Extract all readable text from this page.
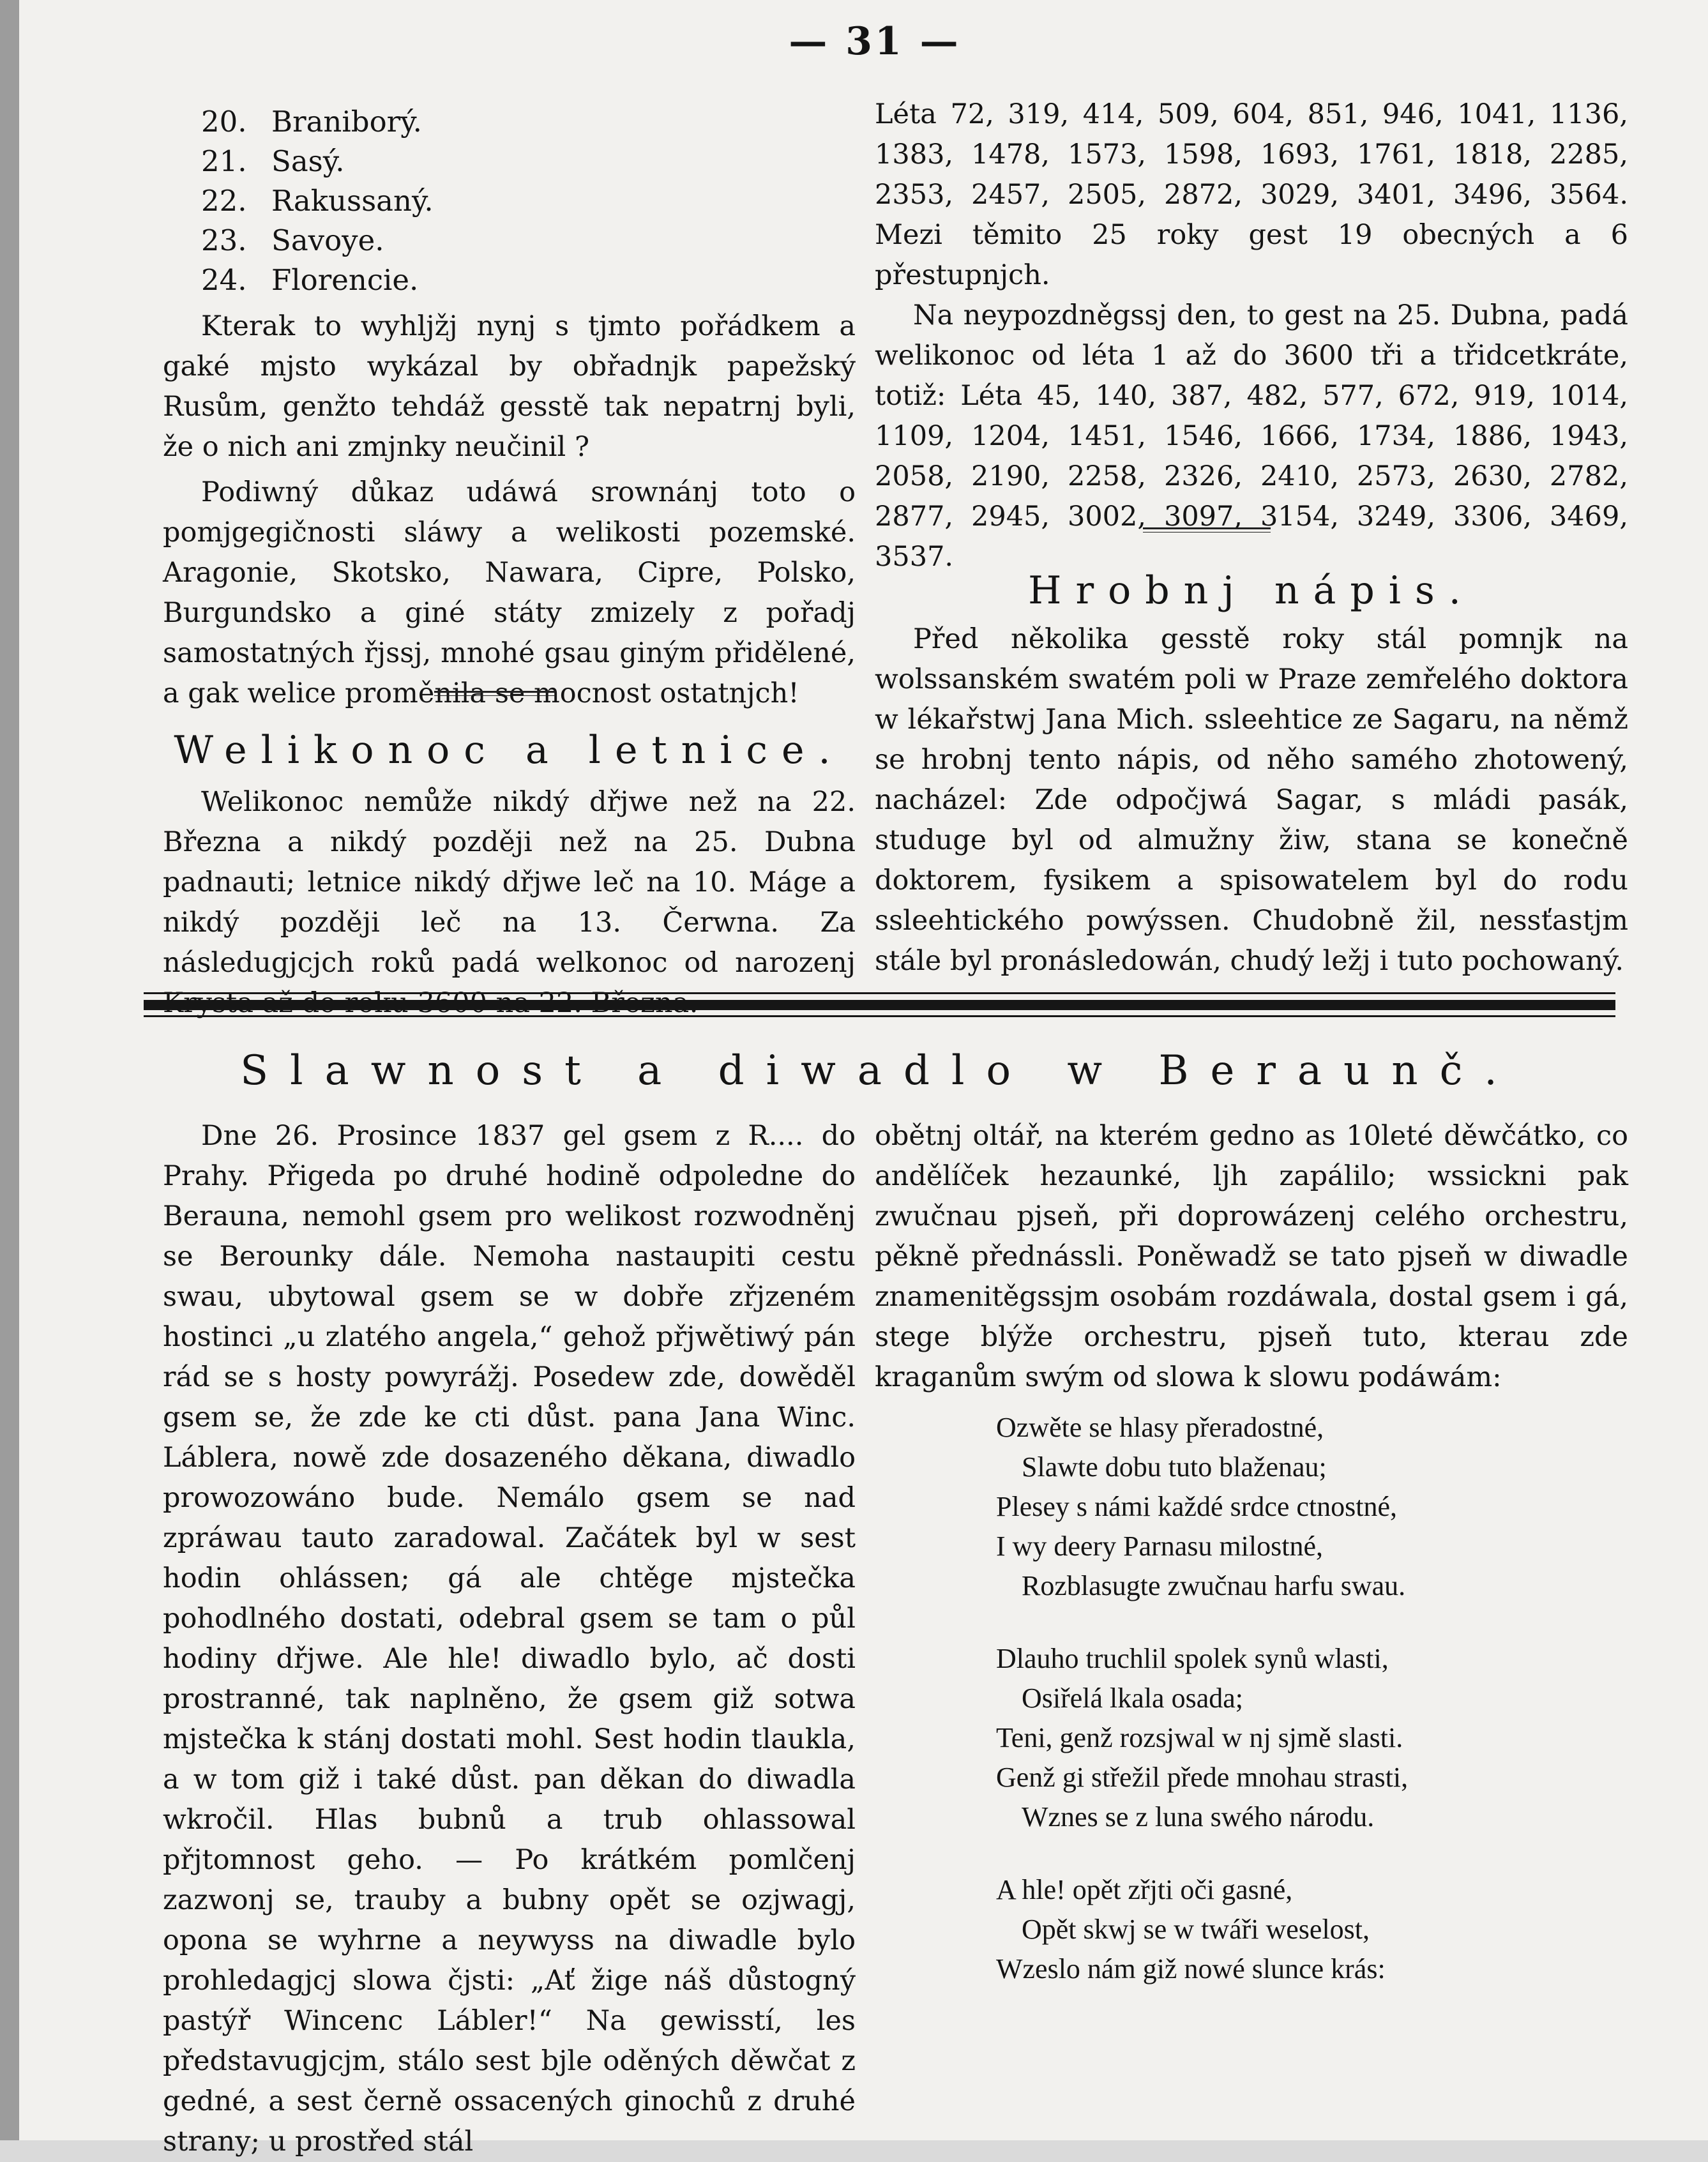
— 31 —
20. Braniborý.
21. Sasý.
22. Rakussaný.
23. Savoye.
24. Florencie.

Kterak to wyhljžj nynj s tjmto pořádkem a gaké mjsto wykázal by obřadnjk papežský Rusům, genžto tehdáž gesstě tak nepatrnj byli, že o nich ani zmjnky neučinil ?

Podiwný důkaz udáwá srownánj toto o pomjgegičnosti sláwy a welikosti pozemské. Aragonie, Skotsko, Nawara, Cipre, Polsko, Burgundsko a giné státy zmizely z pořadj samostatných řjssj, mnohé gsau giným přidělené, a gak welice proměnila se mocnost ostatnjch!

Welikonoc a letnice.

Welikonoc nemůže nikdý dřjwe než na 22. Března a nikdý později než na 25. Dubna padnauti; letnice nikdý dřjwe leč na 10. Máge a nikdý později leč na 13. Čerwna. Za následugjcjch roků padá welkonoc od narozenj

Léta 72, 319, 414, 509, 604, 851, 946, 1041, 1136, 1383, 1478, 1573, 1598, 1693, 1761, 1818, 2285, 2353, 2457, 2505, 2872, 3029, 3401, 3496, 3564. Mezi těmito 25 roky gest 19 obecných a 6 přestupnjch.

Na neypozdněgssj den, to gest na 25. Dubna, padá welikonoc od léta 1 až do 3600 tři a třidcetkráte, totiž: Léta 45, 140, 387, 482, 577, 672, 919, 1014, 1109, 1204, 1451, 1546, 1666, 1734, 1886, 1943, 2058, 2190, 2258, 2326, 2410, 2573, 2630, 2782, 2877, 2945, 3002, 3097, 3154, 3249, 3306, 3469, 3537.

Hrobnj nápis.

Před několika gesstě roky stál pomnjk na wolssanském swatém poli w Praze zemřelého doktora w lékařstwj Jana Mich. ssleehtice ze Sagaru, na němž se hrobnj tento nápis, od něho samého zhotowený, nacházel: Zde odpočjwá Sagar, s mládi pasák, studuge byl od almužny žiw, stana se konečně doktorem, fysikem a spisowatelem byl do rodu ssleehtického powýssen. Chudobně žil, nessťastjm stále byl pronásledowán, chudý ležj i tuto pochowaný.

Slawnost a diwadlo w Beraunč.

Dne 26. Prosince 1837 gel gsem z R.... do Prahy. Přigeda po druhé hodině odpoledne do Berauna, nemohl gsem pro welikost rozwodněnj se Berounky dále. Nemoha nastaupiti cestu swau, ubytowal gsem se w dobře zřjzeném hostinci „u zlatého angela,“ gehož přjwětiwý pán rád se s hosty powyrážj. Posedew zde, dowěděl gsem se, že zde ke cti důst. pana Jana Winc. Láblera, nowě zde dosazeného děkana, diwadlo prowozowáno bude. Nemálo gsem se nad zpráwau tauto zaradowal. Začátek byl w sest hodin ohlássen; gá ale chtěge mjstečka pohodlného dostati, odebral gsem se tam o půl hodiny dřjwe. Ale hle! diwadlo bylo, ač dosti prostranné, tak naplněno, že gsem giž sotwa mjstečka k stánj dostati mohl. Sest hodin tlaukla, a w tom giž i také důst. pan děkan do diwadla wkročil. Hlas bubnů a trub ohlassowal přjtomnost geho. — Po krátkém pomlčenj zazwonj se, trauby a bubny opět se ozjwagj, opona se wyhrne a neywyss na diwadle bylo prohledagjcj slowa čjsti: „Ať žige náš důstogný pastýř Wincenc Lábler!“ Na gewisstí, les představugjcjm, stálo sest bjle oděných děwčat z gedné, a sest černě ossacených ginochů z druhé strany; u prostřed stál

obětnj oltář, na kterém gedno as 10leté děwčátko, co andělíček hezaunké, ljh zapálilo; wssickni pak zwučnau pjseň, při doprowázenj celého orchestru, pěkně přednássli. Poněwadž se tato pjseň w diwadle znamenitěgssjm osobám rozdáwala, dostal gsem i gá, stege blýže orchestru, pjseň tuto, kterau zde kraganům swým od slowa k slowu podáwám:

Ozwěte se hlasy přeradostné,
Slawte dobu tuto blaženau;
Plesey s námi každé srdce ctnostné,
I wy deery Parnasu milostné,
Rozblasugte zwučnau harfu swau.
Dlauho truchlil spolek synů wlasti,
Osiřelá lkala osada;
Teni, genž rozsjwal w nj sjmě slasti.
Genž gi střežil přede mnohau strasti,
Wznes se z luna swého národu.
A hle! opět zřjti oči gasné,
Opět skwj se w twáři weselost,
Wzeslo nám giž nowé slunce krás:
